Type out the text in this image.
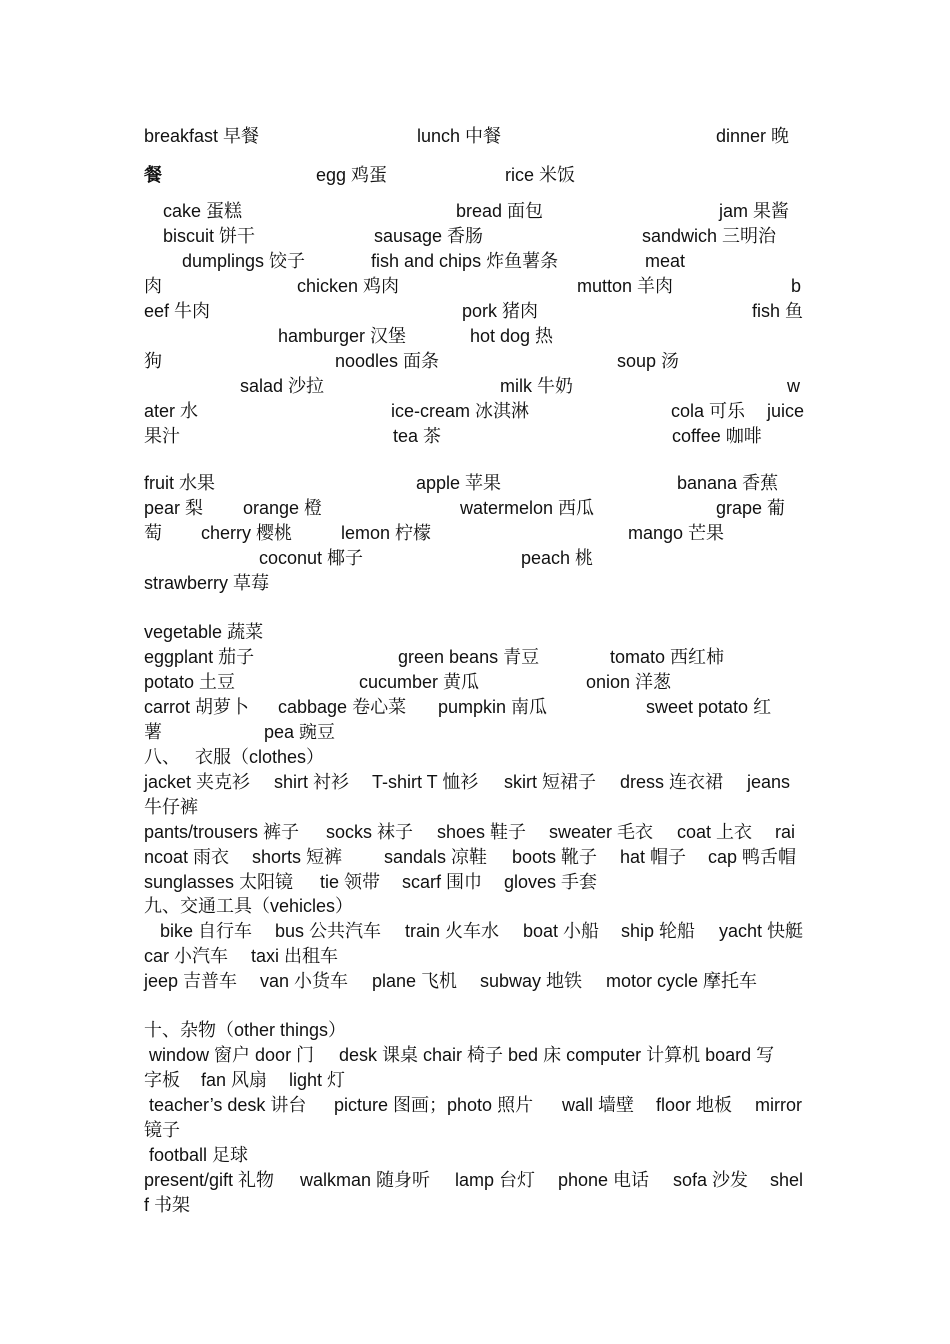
breakfast 早餐	lunch 中餐	dinner 晚
餐	egg 鸡蛋	rice 米饭
cake 蛋糕	bread 面包	jam 果酱
biscuit 饼干	sausage 香肠	sandwich 三明治
dumplings 饺子	fish and chips 炸鱼薯条	meat
肉	chicken 鸡肉	mutton 羊肉	b
eef 牛肉	pork 猪肉	fish 鱼
hamburger 汉堡	hot dog 热
狗	noodles 面条	soup 汤
salad 沙拉	milk 牛奶	w
ater 水	ice-cream 冰淇淋	cola 可乐 juice
果汁	tea 茶	coffee 咖啡
fruit 水果	apple 苹果	banana 香蕉
pear 梨 orange 橙	watermelon 西瓜	grape 葡
萄 cherry 樱桃	lemon 柠檬	mango 芒果
coconut 椰子	peach 桃
strawberry 草莓
vegetable 蔬菜
eggplant 茄子	green beans 青豆	tomato 西红柿
potato 土豆	cucumber 黄瓜	onion 洋葱
carrot 胡萝卜 cabbage 卷心菜 pumpkin 南瓜	sweet potato 红
薯	pea 豌豆
八、   衣服（clothes）
jacket 夹克衫 shirt 衬衫 T-shirt T 恤衫 skirt 短裙子 dress 连衣裙 jeans
牛仔裤
pants/trousers 裤子 socks 袜子 shoes 鞋子 sweater 毛衣 coat 上衣 rai
ncoat 雨衣 shorts 短裤 sandals 凉鞋 boots 靴子 hat 帽子 cap 鸭舌帽
sunglasses 太阳镜 tie 领带 scarf 围巾 gloves 手套
九、交通工具（vehicles）
bike 自行车 bus 公共汽车 train 火车水 boat 小船 ship 轮船 yacht 快艇
car 小汽车 taxi 出租车
jeep 吉普车 van 小货车 plane 飞机 subway 地铁 motor cycle 摩托车
十、杂物（other things）
window 窗户 door 门 desk 课桌 chair 椅子 bed 床 computer 计算机 board 写
字板 fan 风扇 light 灯
teacher’s desk 讲台 picture 图画；photo 照片 wall 墙壁 floor 地板 mirror
镜子
football 足球
present/gift 礼物 walkman 随身听 lamp 台灯 phone 电话 sofa 沙发 shel
f 书架
